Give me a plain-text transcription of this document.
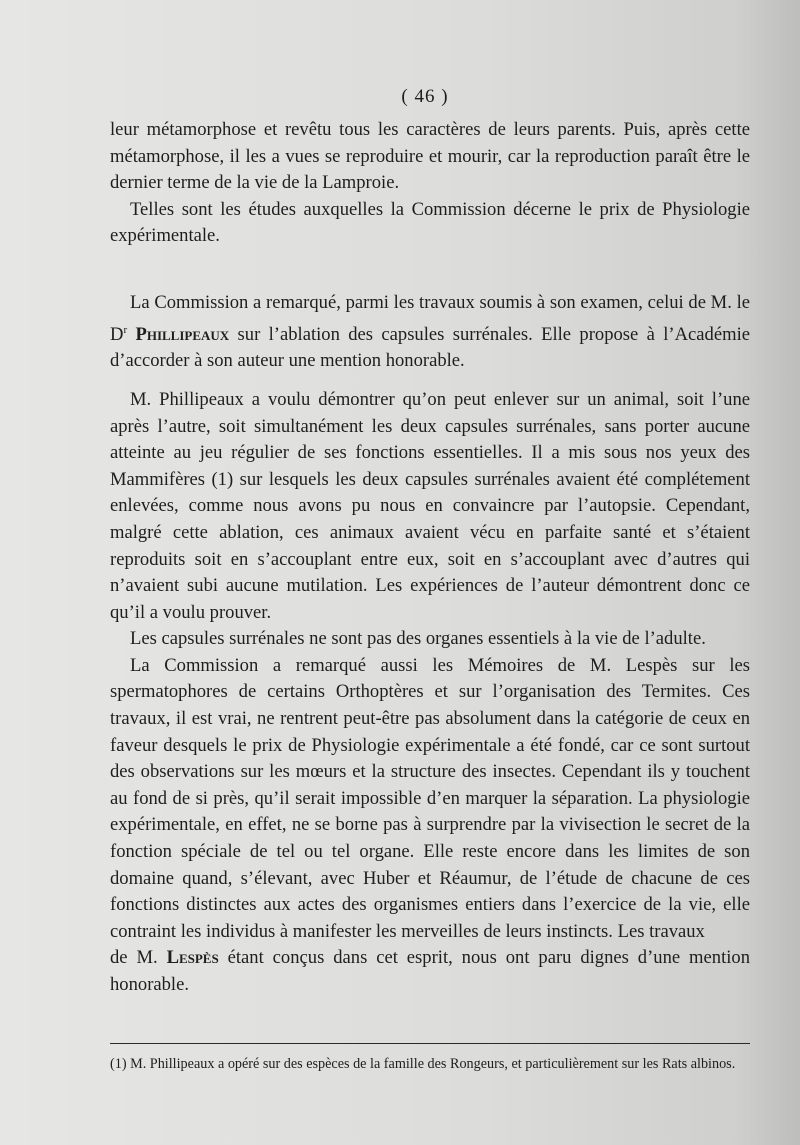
( 46 )

leur métamorphose et revêtu tous les caractères de leurs parents. Puis, après cette métamorphose, il les a vues se reproduire et mourir, car la reproduction paraît être le dernier terme de la vie de la Lamproie.

Telles sont les études auxquelles la Commission décerne le prix de Physiologie expérimentale.

La Commission a remarqué, parmi les travaux soumis à son examen, celui de M. le $D^r$ Phillipeaux sur l’ablation des capsules surrénales. Elle propose à l’Académie d’accorder à son auteur une mention honorable.

M. Phillipeaux a voulu démontrer qu’on peut enlever sur un animal, soit l’une après l’autre, soit simultanément les deux capsules surrénales, sans porter aucune atteinte au jeu régulier de ses fonctions essentielles. Il a mis sous nos yeux des Mammifères (1) sur lesquels les deux capsules surrénales avaient été complétement enlevées, comme nous avons pu nous en convaincre par l’autopsie. Cependant, malgré cette ablation, ces animaux avaient vécu en parfaite santé et s’étaient reproduits soit en s’accouplant entre eux, soit en s’accouplant avec d’autres qui n’avaient subi aucune mutilation. Les expériences de l’auteur démontrent donc ce qu’il a voulu prouver.

Les capsules surrénales ne sont pas des organes essentiels à la vie de l’adulte.

La Commission a remarqué aussi les Mémoires de M. Lespès sur les spermatophores de certains Orthoptères et sur l’organisation des Termites. Ces travaux, il est vrai, ne rentrent peut-être pas absolument dans la catégorie de ceux en faveur desquels le prix de Physiologie expérimentale a été fondé, car ce sont surtout des observations sur les mœurs et la structure des insectes. Cependant ils y touchent au fond de si près, qu’il serait impossible d’en marquer la séparation. La physiologie expérimentale, en effet, ne se borne pas à surprendre par la vivisection le secret de la fonction spéciale de tel ou tel organe. Elle reste encore dans les limites de son domaine quand, s’élevant, avec Huber et Réaumur, de l’étude de chacune de ces fonctions distinctes aux actes des organismes entiers dans l’exercice de la vie, elle contraint les individus à manifester les merveilles de leurs instincts. Les travaux

de M. Lespès étant conçus dans cet esprit, nous ont paru dignes d’une mention honorable.

(1) M. Phillipeaux a opéré sur des espèces de la famille des Rongeurs, et particulièrement sur les Rats albinos.
